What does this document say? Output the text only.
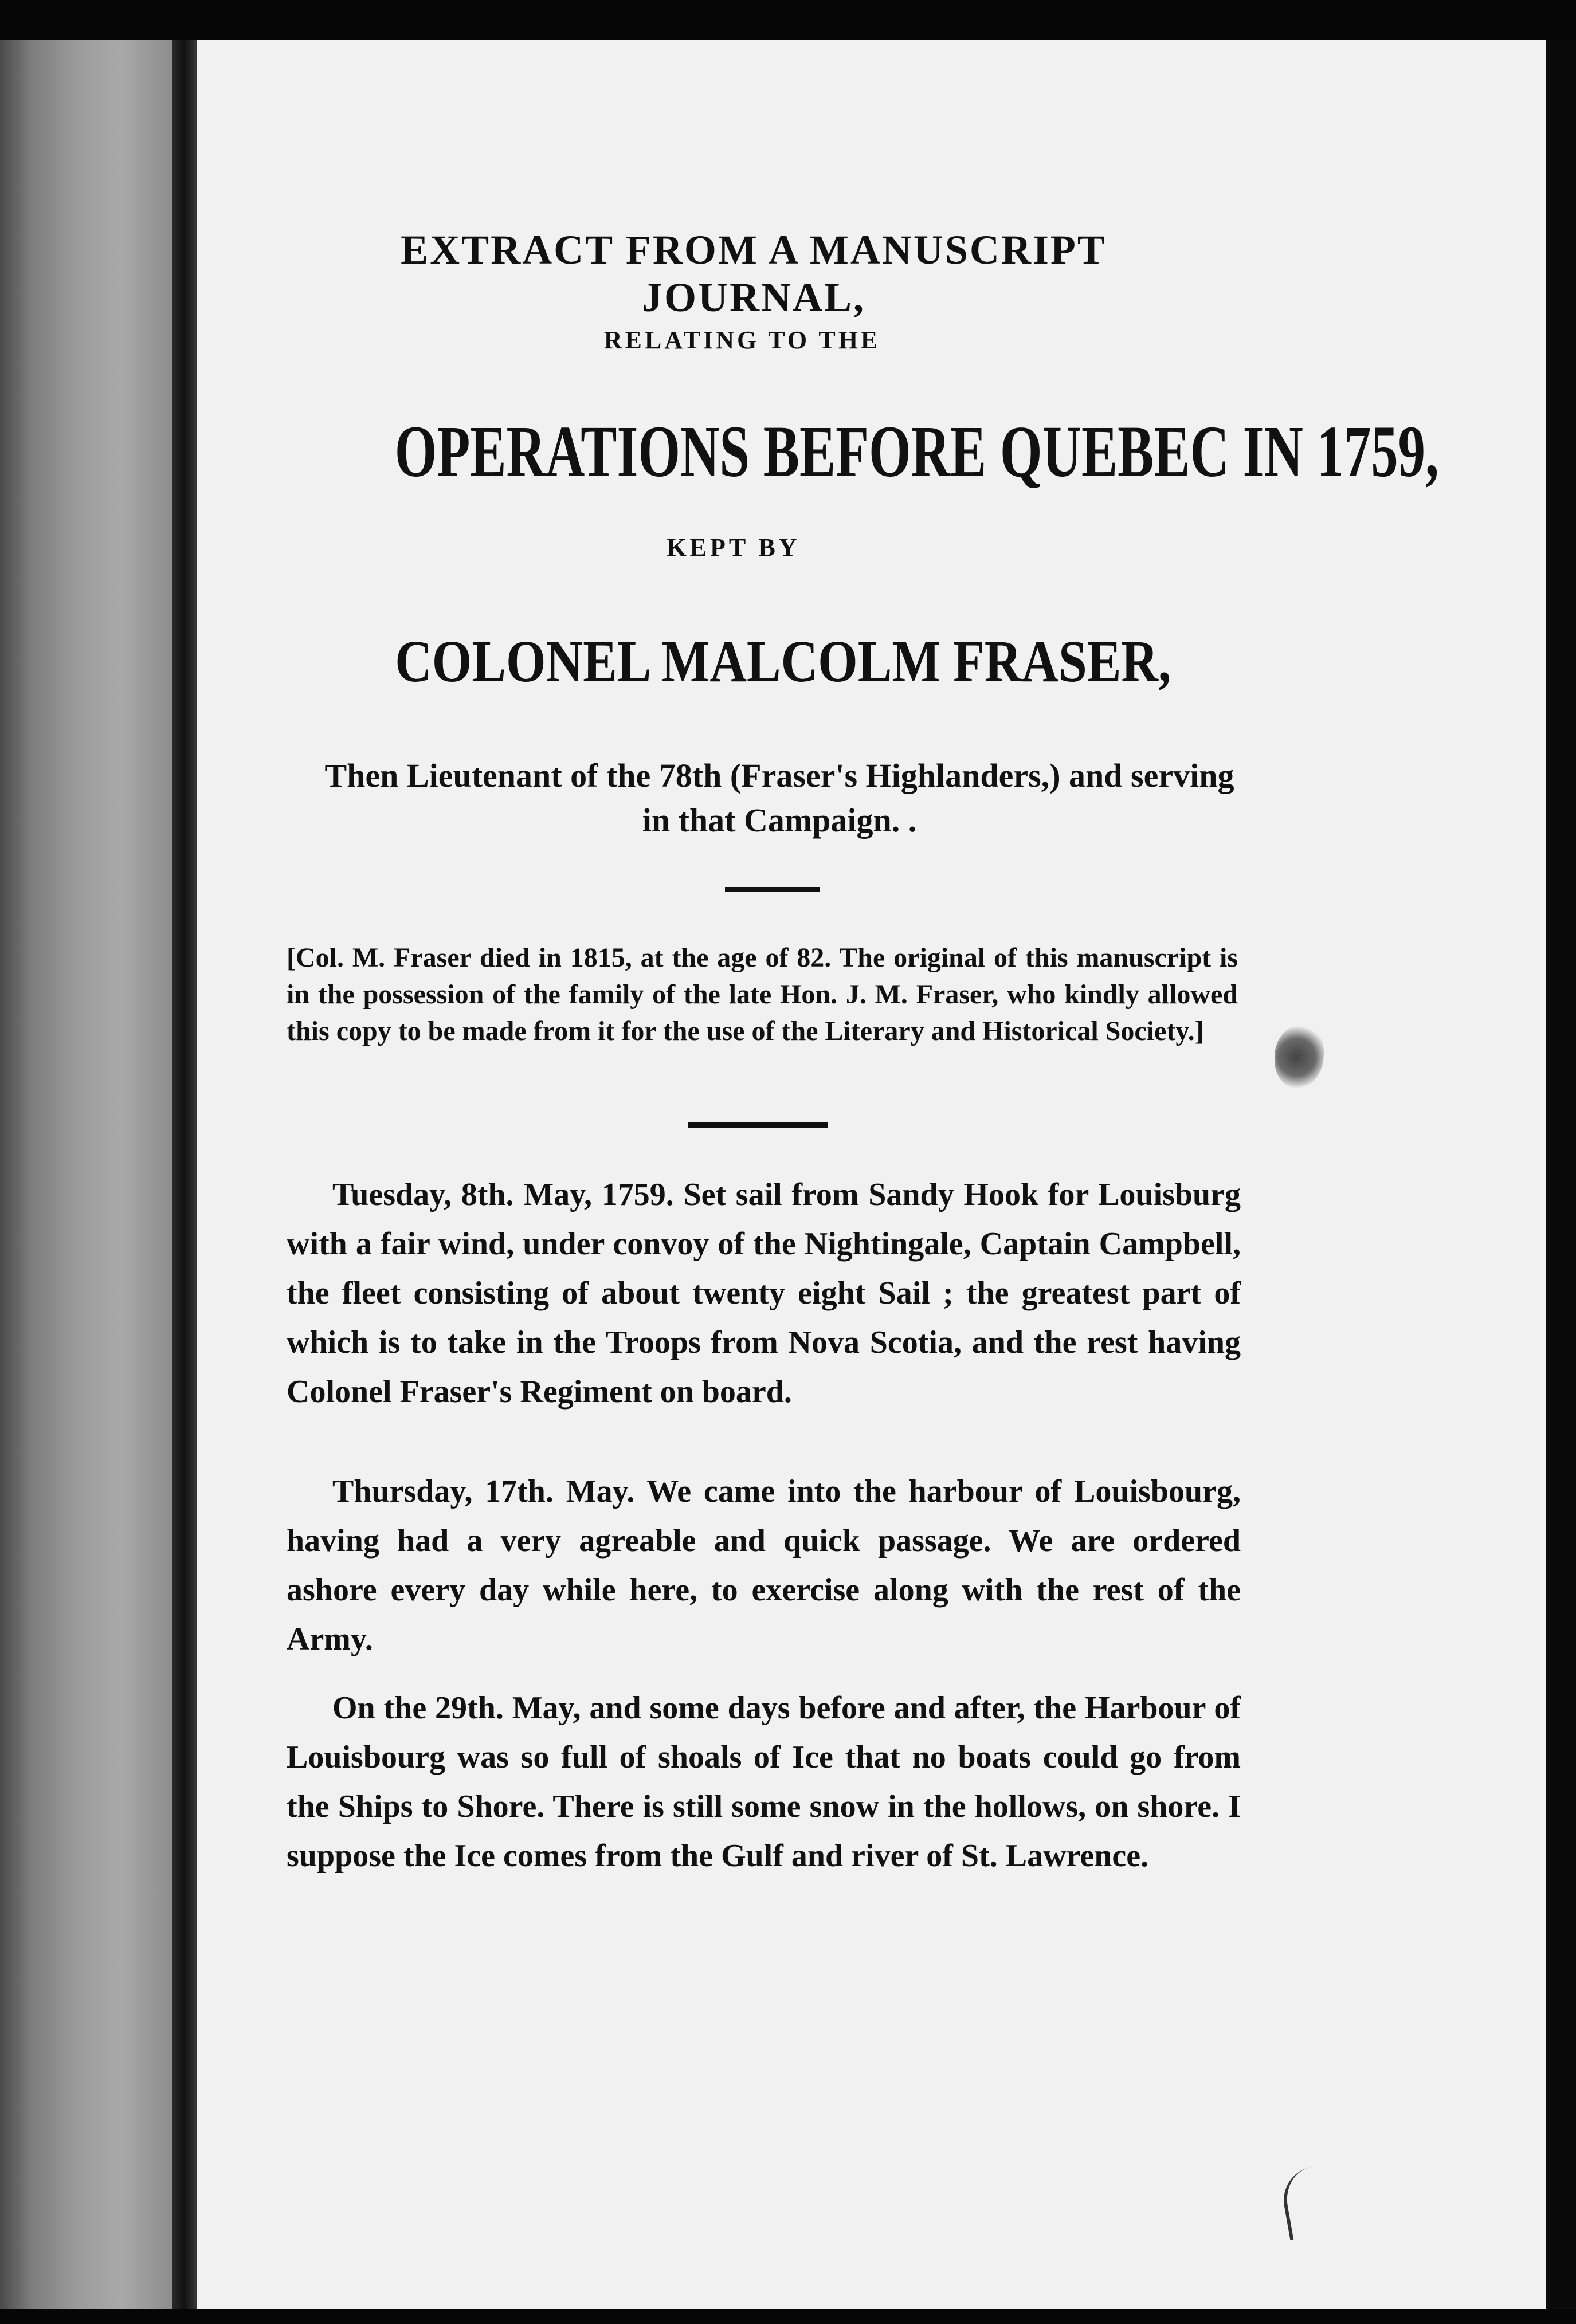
EXTRACT FROM A MANUSCRIPT JOURNAL,
RELATING TO THE
OPERATIONS BEFORE QUEBEC IN 1759,
KEPT BY
COLONEL MALCOLM FRASER,
Then Lieutenant of the 78th (Fraser's Highlanders,) and serving in that Campaign. .
[Col. M. Fraser died in 1815, at the age of 82. The original of this manuscript is in the possession of the family of the late Hon. J. M. Fraser, who kindly allowed this copy to be made from it for the use of the Literary and Historical Society.]
Tuesday, 8th. May, 1759. Set sail from Sandy Hook for Louisburg with a fair wind, under convoy of the Nightingale, Captain Campbell, the fleet consisting of about twenty eight Sail ; the greatest part of which is to take in the Troops from Nova Scotia, and the rest having Colonel Fraser's Regiment on board.
Thursday, 17th. May. We came into the harbour of Louisbourg, having had a very agreable and quick passage. We are ordered ashore every day while here, to exercise along with the rest of the Army.
On the 29th. May, and some days before and after, the Harbour of Louisbourg was so full of shoals of Ice that no boats could go from the Ships to Shore. There is still some snow in the hollows, on shore. I suppose the Ice comes from the Gulf and river of St. Lawrence.
